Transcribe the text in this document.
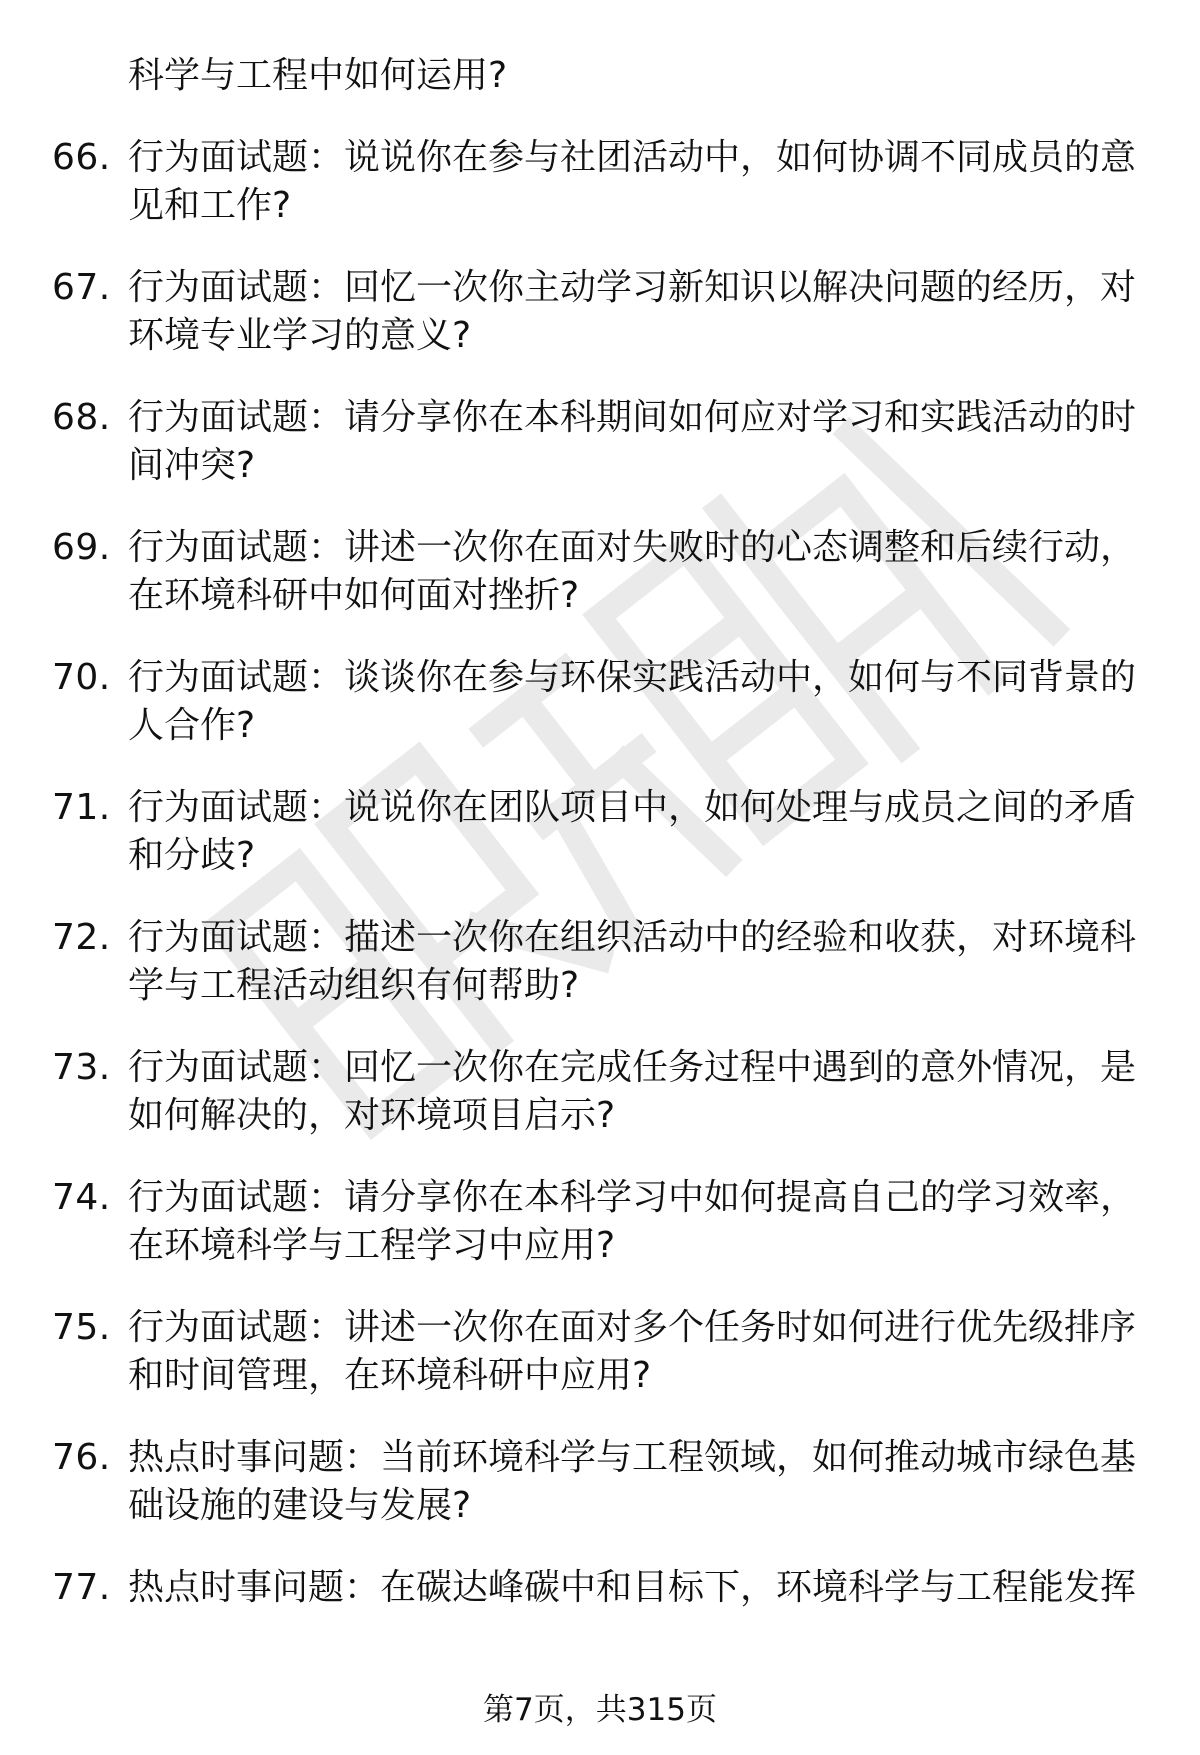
科学与工程中如何运用?
66. 行为面试题：说说你在参与社团活动中，如何协调不同成员的意
见和工作?
67. 行为面试题：回忆一次你主动学习新知识以解决问题的经历，对
环境专业学习的意义?
68. 行为面试题：请分享你在本科期间如何应对学习和实践活动的时
间冲突?
69. 行为面试题：讲述一次你在面对失败时的心态调整和后续行动，
在环境科研中如何面对挫折?
70. 行为面试题：谈谈你在参与环保实践活动中，如何与不同背景的
人合作?
71. 行为面试题：说说你在团队项目中，如何处理与成员之间的矛盾
和分歧?
72. 行为面试题：描述一次你在组织活动中的经验和收获，对环境科
学与工程活动组织有何帮助?
73. 行为面试题：回忆一次你在完成任务过程中遇到的意外情况，是
如何解决的，对环境项目启示?
74. 行为面试题：请分享你在本科学习中如何提高自己的学习效率，
在环境科学与工程学习中应用?
75. 行为面试题：讲述一次你在面对多个任务时如何进行优先级排序
和时间管理，在环境科研中应用?
76. 热点时事问题：当前环境科学与工程领域，如何推动城市绿色基
础设施的建设与发展?
77. 热点时事问题：在碳达峰碳中和目标下，环境科学与工程能发挥
第7页，共315页
